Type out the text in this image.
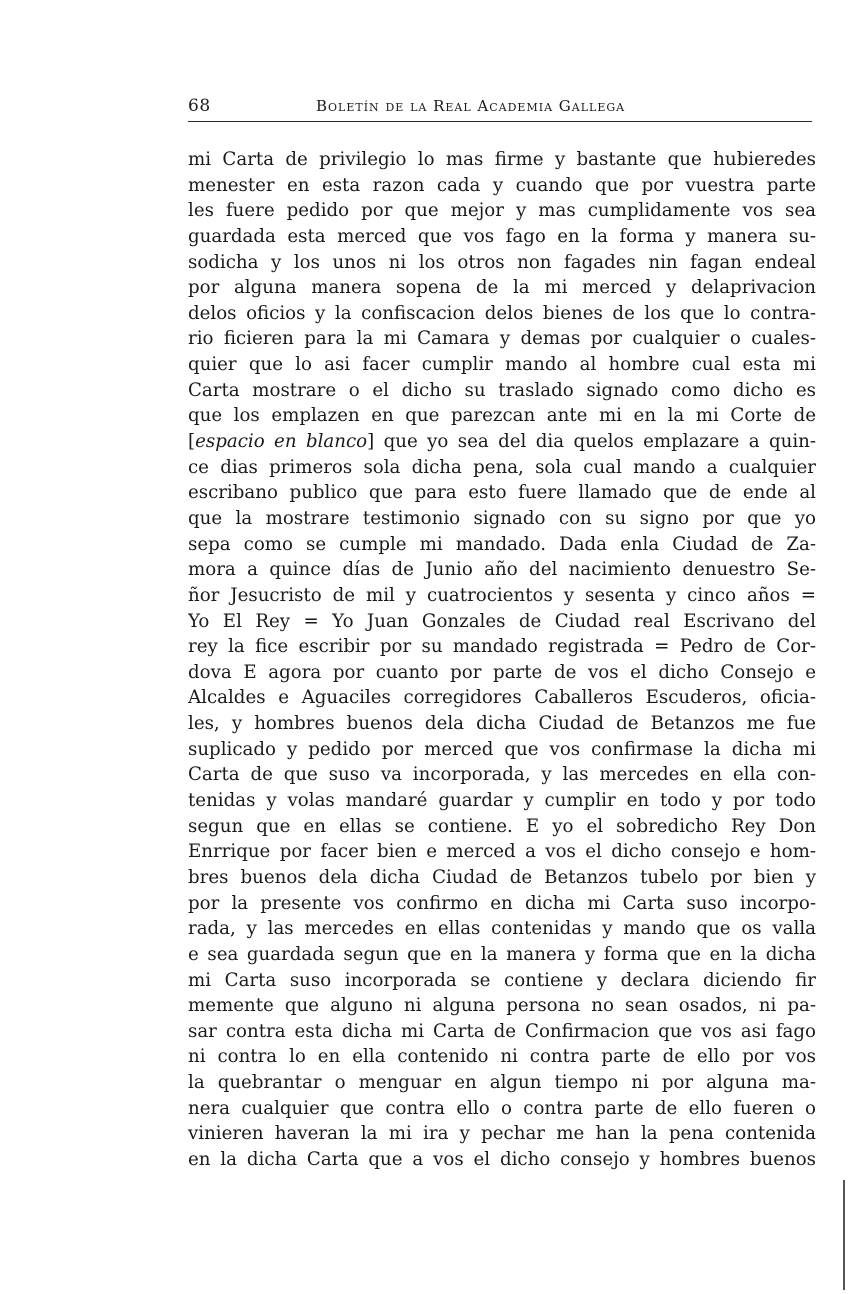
68	Boletín de la Real Academia Gallega
mi Carta de privilegio lo mas firme y bastante que hubieredes
menester en esta razon cada y cuando que por vuestra parte
les fuere pedido por que mejor y mas cumplidamente vos sea
guardada esta merced que vos fago en la forma y manera su-
sodicha y los unos ni los otros non fagades nin fagan endeal
por alguna manera sopena de la mi merced y delaprivacion
delos oficios y la confiscacion delos bienes de los que lo contra-
rio ficieren para la mi Camara y demas por cualquier o cuales-
quier que lo asi facer cumplir mando al hombre cual esta mi
Carta mostrare o el dicho su traslado signado como dicho es
que los emplazen en que parezcan ante mi en la mi Corte de
[espacio en blanco] que yo sea del dia quelos emplazare a quin-
ce dias primeros sola dicha pena, sola cual mando a cualquier
escribano publico que para esto fuere llamado que de ende al
que la mostrare testimonio signado con su signo por que yo
sepa como se cumple mi mandado. Dada enla Ciudad de Za-
mora a quince días de Junio año del nacimiento denuestro Se-
ñor Jesucristo de mil y cuatrocientos y sesenta y cinco años =
Yo El Rey = Yo Juan Gonzales de Ciudad real Escrivano del
rey la fice escribir por su mandado registrada = Pedro de Cor-
dova E agora por cuanto por parte de vos el dicho Consejo e
Alcaldes e Aguaciles corregidores Caballeros Escuderos, oficia-
les, y hombres buenos dela dicha Ciudad de Betanzos me fue
suplicado y pedido por merced que vos confirmase la dicha mi
Carta de que suso va incorporada, y las mercedes en ella con-
tenidas y volas mandaré guardar y cumplir en todo y por todo
segun que en ellas se contiene. E yo el sobredicho Rey Don
Enrrique por facer bien e merced a vos el dicho consejo e hom-
bres buenos dela dicha Ciudad de Betanzos tubelo por bien y
por la presente vos confirmo en dicha mi Carta suso incorpo-
rada, y las mercedes en ellas contenidas y mando que os valla
e sea guardada segun que en la manera y forma que en la dicha
mi Carta suso incorporada se contiene y declara diciendo fir
memente que alguno ni alguna persona no sean osados, ni pa-
sar contra esta dicha mi Carta de Confirmacion que vos asi fago
ni contra lo en ella contenido ni contra parte de ello por vos
la quebrantar o menguar en algun tiempo ni por alguna ma-
nera cualquier que contra ello o contra parte de ello fueren o
vinieren haveran la mi ira y pechar me han la pena contenida
en la dicha Carta que a vos el dicho consejo y hombres buenos
